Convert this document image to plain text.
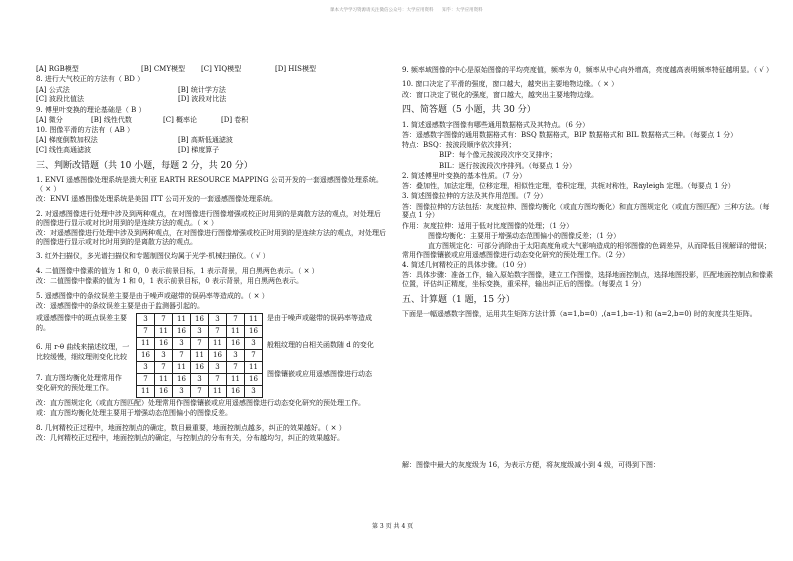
课本大学学习资源请关注微信公众号：大学应用资料      知乎：大学应用资料
[A] RGB模型	[B] CMY模型	[C] YIQ模型	[D] HIS模型
8. 进行大气校正的方法有（ BD ）
[A] 公式法	[B] 统计学方法
[C] 波段比值法	[D] 波段对比法
9. 傅里叶变换的理论基础是（ B ）
[A] 微分	[B] 线性代数	[C] 概率论	[D] 卷积
10. 图像平滑的方法有（ AB ）
[A] 梯度倒数加权法	[B] 高斯低通滤波
[C] 线性高通滤波	[D] 梯度算子
三、判断改错题（共 10 小题，每题 2 分，共 20 分）
1. ENVI 遥感图像处理系统是澳大利亚 EARTH RESOURCE MAPPING 公司开发的一套遥感图像处理系统。 （ × ）
改：ENVI 遥感图像处理系统是美国 ITT 公司开发的一套遥感图像处理系统。
2. 对遥感图像进行处理中涉及到两种观点，在对图像进行图像增强或校正时用到的是离散方法的观点，对处理后的图像进行显示或对比时用到的是连续方法的观点。（ × ）
改：对遥感图像进行处理中涉及到两种观点，在对图像进行图像增强或校正时用到的是连续方法的观点，对处理后的图像进行显示或对比时用到的是离散方法的观点。
3. 红外扫描仪，多光谱扫描仪和专题制图仪均属于光学-机械扫描仪。（ √ ）
4. 二值图像中像素的值为 1 和 0，0 表示前景目标，1 表示背景，用白黑两色表示。（ × ）
改：二值图像中像素的值为 1 和 0，1 表示前景目标，0 表示背景，用白黑两色表示。
5. 遥感图像中的条纹误差主要是由于噪声或磁带的误码率等造成的。（ × ）
改：遥感图像中的条纹误差主要是由于监测器引起的。
或遥感图像中的斑点误差主要
的。
6. 用 r-θ 曲线来描述纹理，一
比较缓慢，细纹理则变化比较
7. 直方图均衡化处理常用作
变化研究的预处理工作。
3	7	11	16	3	7	11
7	11	16	3	7	11	16
11	16	3	7	11	16	3
16	3	7	11	16	3	7
3	7	11	16	3	7	11
7	11	16	3	7	11	16
11	16	3	7	11	16	3
是由于噪声或磁带的误码率等造成
般粗纹理的自相关函数随 d 的变化
图像镶嵌或应用遥感图像进行动态
改：直方图规定化（或直方图匹配）处理常用作图像镶嵌或应用遥感图像进行动态变化研究的预处理工作。
或：直方图均衡化处理主要用于增强动态范围偏小的图像反差。
8. 几何精校正过程中，地面控制点的确定，数目最重要，地面控制点越多，纠正的效果越好。（ × ）
改：几何精校正过程中，地面控制点的确定，与控制点的分布有关，分布越均匀，纠正的效果越好。
9. 频率域图像的中心是原始图像的平均亮度值，频率为 0，频率从中心向外增高，亮度越高表明频率特征越明显。（ √ ）
10. 窗口决定了平滑的强度，窗口越大，越突出主要地物边缘。（ × ）
改：窗口决定了锐化的强度，窗口越大，越突出主要地物边缘。
四、简答题（5 小题，共 30 分）
1. 简述遥感数字图像有哪些通用数据格式及其特点。（6 分）
答：遥感数字图像的通用数据格式有：BSQ 数据格式，BIP 数据格式和 BIL 数据格式三种。（每要点 1 分）
特点：BSQ：按波段顺序依次排列；
BIP：每个像元按波段次序交叉排序；
BIL：逐行按波段次序排列。（每要点 1 分）
2. 简述傅里叶变换的基本性质。（7 分）
答：叠加性，加法定理，位移定理，相似性定理，卷积定理，共轭对称性，Rayleigh 定理。（每要点 1 分）
3. 简述图像拉伸的方法及其作用范围。（7 分）
答：图像拉伸的方法包括：灰度拉伸、图像均衡化（或直方图均衡化）和直方图规定化（或直方图匹配）三种方法。（每要点 1 分）
作用：灰度拉伸：适用于低对比度图像的处理；（1 分）
图像均衡化：主要用于增强动态范围偏小的图像反差；（1 分）
直方图规定化：可部分消除由于太阳高度角或大气影响造成的相邻图像的色调差异，从而降低目视解译的错误；常用作图像镶嵌或应用遥感图像进行动态变化研究的预处理工作。（2 分）
4. 简述几何精校正的具体步骤。（10 分）
答：具体步骤：准备工作，输入原始数字图像，建立工作图像，选择地面控制点，选择地图投影，匹配地面控制点和像素位置，评估纠正精度，坐标变换，重采样，输出纠正后的图像。（每要点 1 分）
五、计算题（1 题，15 分）
下面是一幅遥感数字图像，运用共生矩阵方法计算（a=1,b=0）,(a=1,b=-1) 和 (a=2,b=0) 时的灰度共生矩阵。
解：图像中最大的灰度级为 16，为表示方便，将灰度级减小到 4 级，可得到下图：
第 3 页 共 4 页
